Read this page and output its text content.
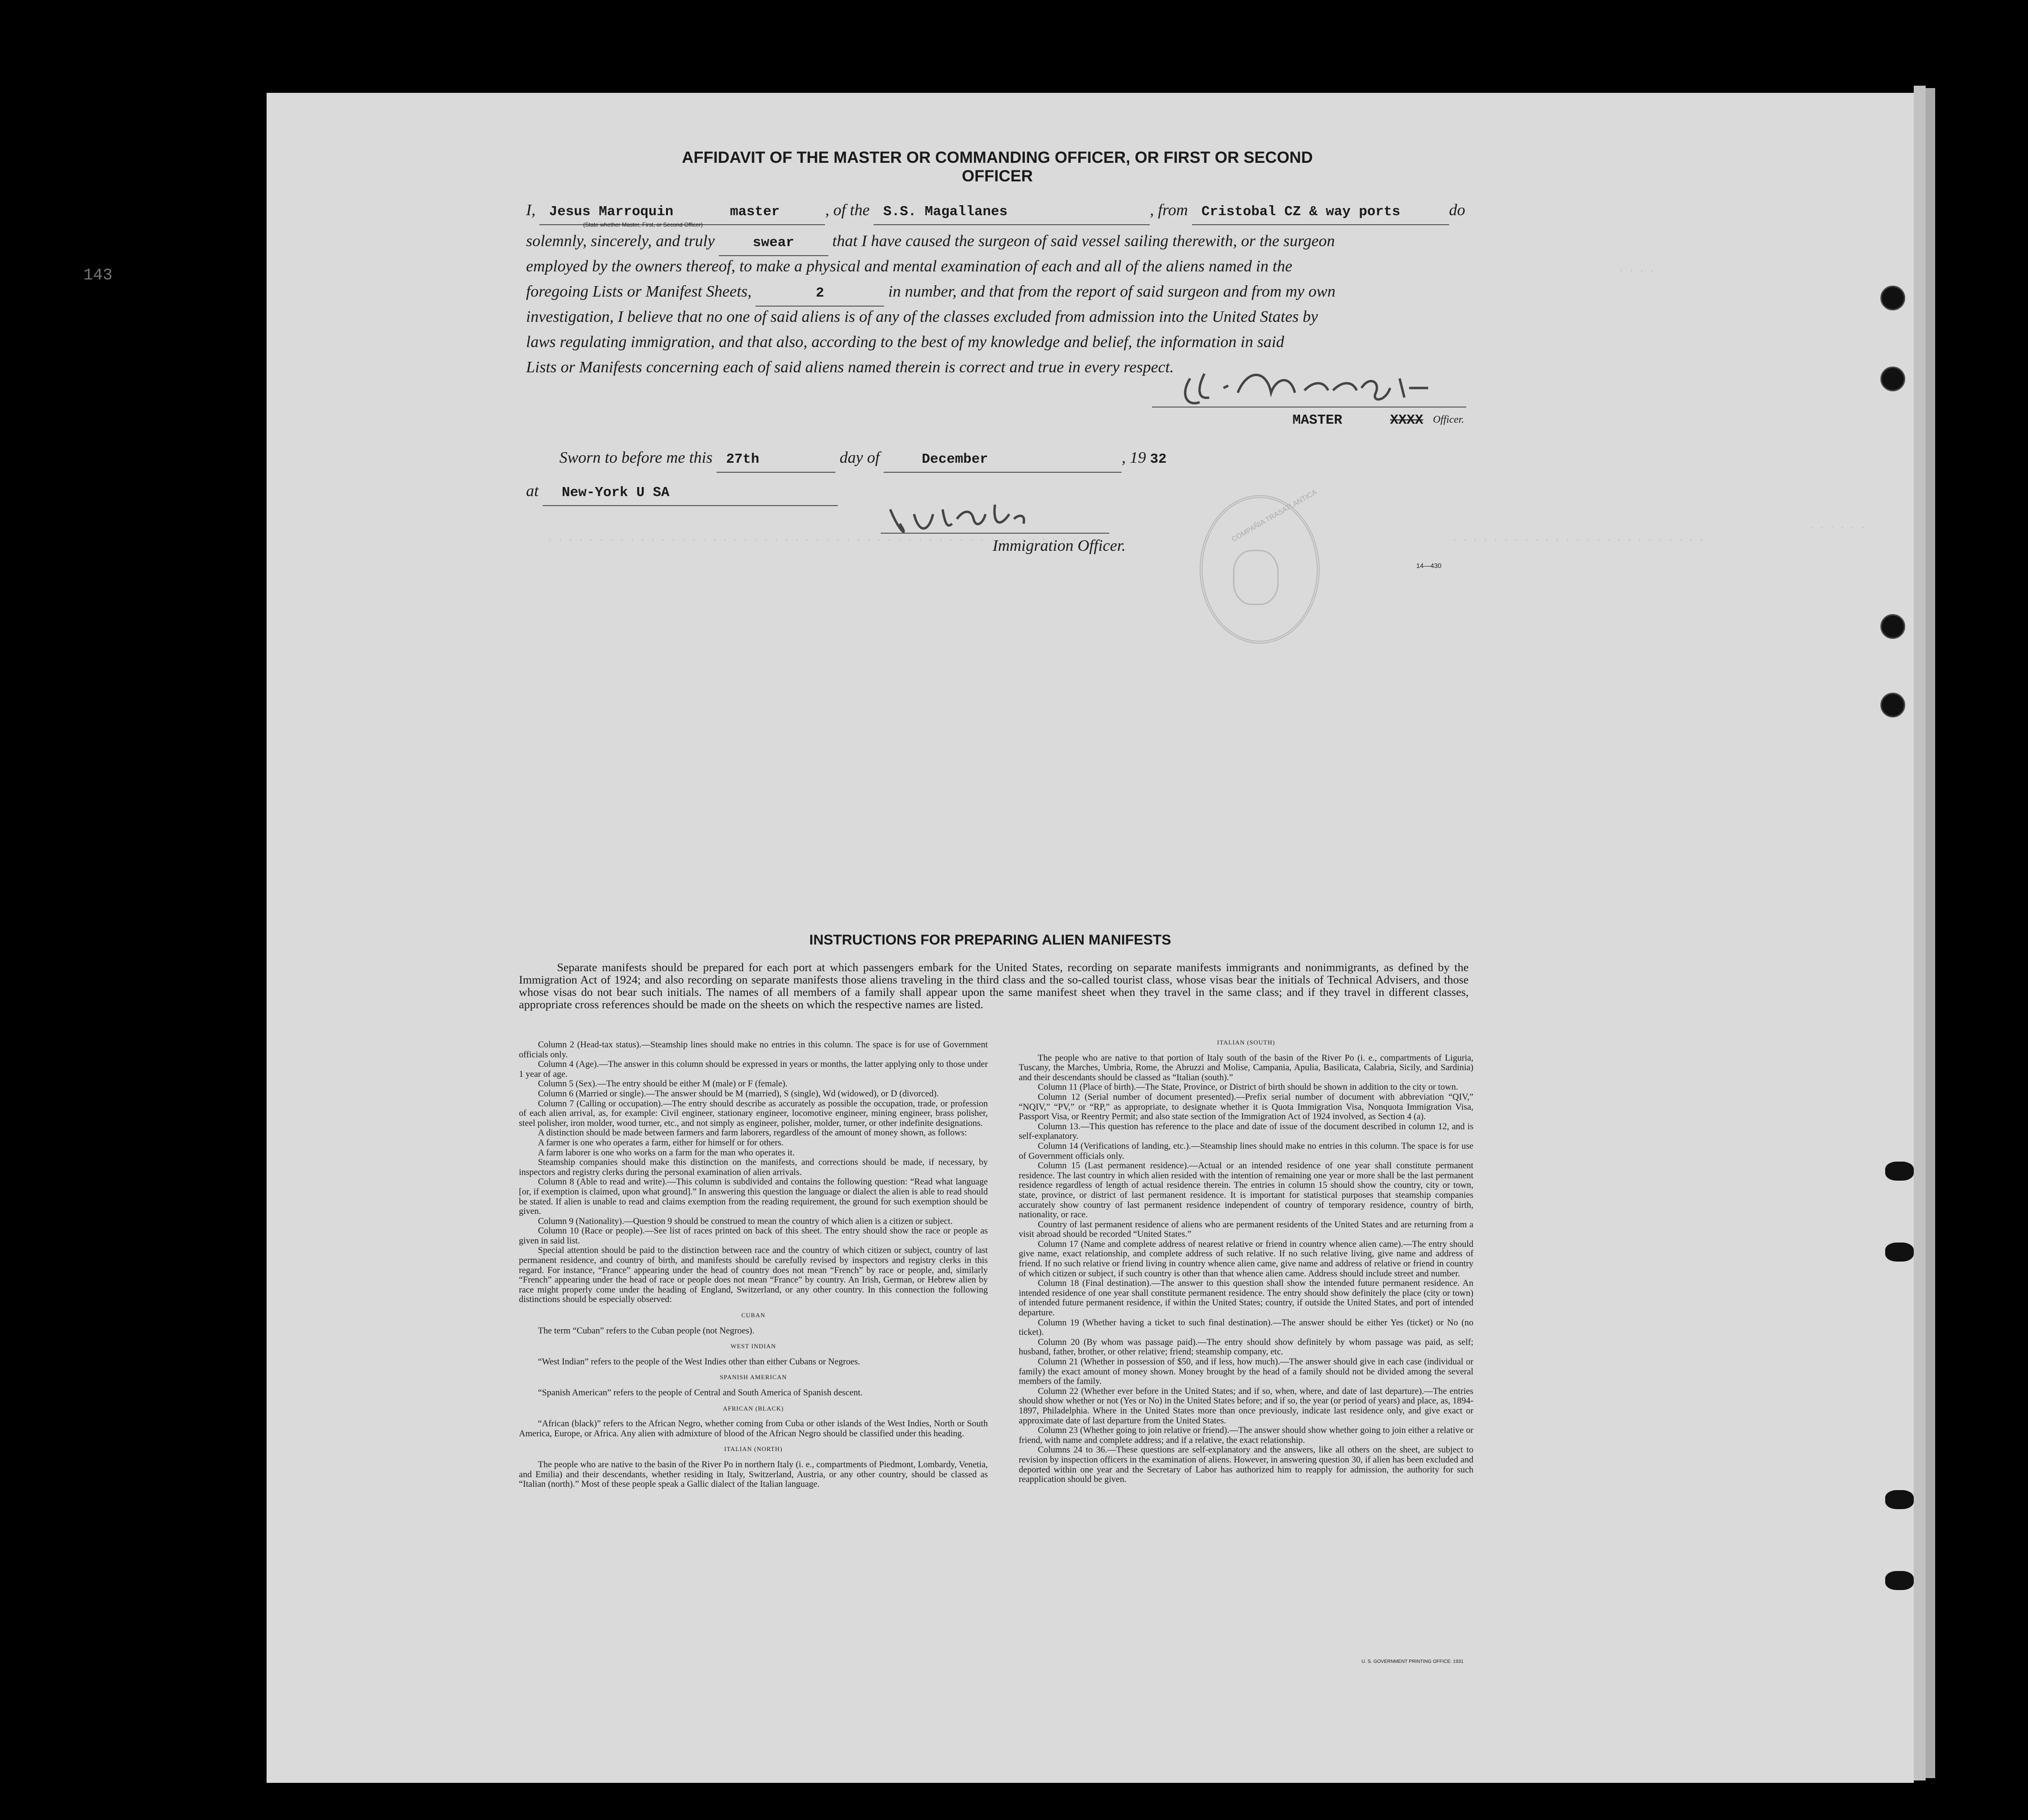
143	· · · ·
· · · · · ·
· · · · · · · · · · · · · · · · · · · · · · · · ·
· · · · · · · · · · · · · · · · · · · · · · · · · · · · · · · · · · · · · · · · · · · · · · · · · · · ·
AFFIDAVIT OF THE MASTER OR COMMANDING OFFICER, OR FIRST OR SECOND OFFICER
I, Jesus Marroquin	master	, of the S.S. Magallanes	, from Cristobal CZ & way ports	do
(State whether Master, First, or Second Officer)
solemnly, sincerely, and truly	swear that I have caused the surgeon of said vessel sailing therewith, or the surgeon
employed by the owners thereof, to make a physical and mental examination of each and all of the aliens named in the
foregoing Lists or Manifest Sheets,	2	in number, and that from the report of said surgeon and from my own
investigation, I believe that no one of said aliens is of any of the classes excluded from admission into the United States by
laws regulating immigration, and that also, according to the best of my knowledge and belief, the information in said
Lists or Manifests concerning each of said aliens named therein is correct and true in every respect.
MASTER	XXXX Officer.
Sworn to before me this 27th	day of	December	, 19 32
at New-York U SA
Immigration Officer.
14—430
COMPAÑIA TRASATLANTICA
INSTRUCTIONS FOR PREPARING ALIEN MANIFESTS
Separate manifests should be prepared for each port at which passengers embark for the United States, recording on separate manifests immigrants and nonimmigrants, as defined by the Immigration Act of 1924; and also recording on separate manifests those aliens traveling in the third class and the so-called tourist class, whose visas bear the initials of Technical Advisers, and those whose visas do not bear such initials. The names of all members of a family shall appear upon the same manifest sheet when they travel in the same class; and if they travel in different classes, appropriate cross references should be made on the sheets on which the respective names are listed.

Column 2 (Head-tax status).—Steamship lines should make no entries in this column. The space is for use of Government officials only.

Column 4 (Age).—The answer in this column should be expressed in years or months, the latter applying only to those under 1 year of age.

Column 5 (Sex).—The entry should be either M (male) or F (female).

Column 6 (Married or single).—The answer should be M (married), S (single), Wd (widowed), or D (divorced).

Column 7 (Calling or occupation).—The entry should describe as accurately as possible the occupation, trade, or profession of each alien arrival, as, for example: Civil engineer, stationary engineer, locomotive engineer, mining engineer, brass polisher, steel polisher, iron molder, wood turner, etc., and not simply as engineer, polisher, molder, turner, or other indefinite designations.

A distinction should be made between farmers and farm laborers, regardless of the amount of money shown, as follows:

A farmer is one who operates a farm, either for himself or for others.

A farm laborer is one who works on a farm for the man who operates it.

Steamship companies should make this distinction on the manifests, and corrections should be made, if necessary, by inspectors and registry clerks during the personal examination of alien arrivals.

Column 8 (Able to read and write).—This column is subdivided and contains the following question: “Read what language [or, if exemption is claimed, upon what ground].” In answering this question the language or dialect the alien is able to read should be stated. If alien is unable to read and claims exemption from the reading requirement, the ground for such exemption should be given.

Column 9 (Nationality).—Question 9 should be construed to mean the country of which alien is a citizen or subject.

Column 10 (Race or people).—See list of races printed on back of this sheet. The entry should show the race or people as given in said list.

Special attention should be paid to the distinction between race and the country of which citizen or subject, country of last permanent residence, and country of birth, and manifests should be carefully revised by inspectors and registry clerks in this regard. For instance, “France” appearing under the head of country does not mean “French” by race or people, and, similarly “French” appearing under the head of race or people does not mean “France” by country. An Irish, German, or Hebrew alien by race might properly come under the heading of England, Switzerland, or any other country. In this connection the following distinctions should be especially observed:

CUBAN

The term “Cuban” refers to the Cuban people (not Negroes).

WEST INDIAN

“West Indian” refers to the people of the West Indies other than either Cubans or Negroes.

SPANISH AMERICAN

“Spanish American” refers to the people of Central and South America of Spanish descent.

AFRICAN (BLACK)

“African (black)” refers to the African Negro, whether coming from Cuba or other islands of the West Indies, North or South America, Europe, or Africa. Any alien with admixture of blood of the African Negro should be classified under this heading.

ITALIAN (NORTH)

The people who are native to the basin of the River Po in northern Italy (i. e., compartments of Piedmont, Lombardy, Venetia, and Emilia) and their descendants, whether residing in Italy, Switzerland, Austria, or any other country, should be classed as “Italian (north).” Most of these people speak a Gallic dialect of the Italian language.

ITALIAN (SOUTH)

The people who are native to that portion of Italy south of the basin of the River Po (i. e., compartments of Liguria, Tuscany, the Marches, Umbria, Rome, the Abruzzi and Molise, Campania, Apulia, Basilicata, Calabria, Sicily, and Sardinia) and their descendants should be classed as “Italian (south).”

Column 11 (Place of birth).—The State, Province, or District of birth should be shown in addition to the city or town.

Column 12 (Serial number of document presented).—Prefix serial number of document with abbreviation “QIV,” “NQIV,” “PV,” or “RP,” as appropriate, to designate whether it is Quota Immigration Visa, Nonquota Immigration Visa, Passport Visa, or Reentry Permit; and also state section of the Immigration Act of 1924 involved, as Section 4 (a).

Column 13.—This question has reference to the place and date of issue of the document described in column 12, and is self-explanatory.

Column 14 (Verifications of landing, etc.).—Steamship lines should make no entries in this column. The space is for use of Government officials only.

Column 15 (Last permanent residence).—Actual or an intended residence of one year shall constitute permanent residence. The last country in which alien resided with the intention of remaining one year or more shall be the last permanent residence regardless of length of actual residence therein. The entries in column 15 should show the country, city or town, state, province, or district of last permanent residence. It is important for statistical purposes that steamship companies accurately show country of last permanent residence independent of country of temporary residence, country of birth, nationality, or race.

Country of last permanent residence of aliens who are permanent residents of the United States and are returning from a visit abroad should be recorded “United States.”

Column 17 (Name and complete address of nearest relative or friend in country whence alien came).—The entry should give name, exact relationship, and complete address of such relative. If no such relative living, give name and address of friend. If no such relative or friend living in country whence alien came, give name and address of relative or friend in country of which citizen or subject, if such country is other than that whence alien came. Address should include street and number.

Column 18 (Final destination).—The answer to this question shall show the intended future permanent residence. An intended residence of one year shall constitute permanent residence. The entry should show definitely the place (city or town) of intended future permanent residence, if within the United States; country, if outside the United States, and port of intended departure.

Column 19 (Whether having a ticket to such final destination).—The answer should be either Yes (ticket) or No (no ticket).

Column 20 (By whom was passage paid).—The entry should show definitely by whom passage was paid, as self; husband, father, brother, or other relative; friend; steamship company, etc.

Column 21 (Whether in possession of $50, and if less, how much).—The answer should give in each case (individual or family) the exact amount of money shown. Money brought by the head of a family should not be divided among the several members of the family.

Column 22 (Whether ever before in the United States; and if so, when, where, and date of last departure).—The entries should show whether or not (Yes or No) in the United States before; and if so, the year (or period of years) and place, as, 1894-1897, Philadelphia. Where in the United States more than once previously, indicate last residence only, and give exact or approximate date of last departure from the United States.

Column 23 (Whether going to join relative or friend).—The answer should show whether going to join either a relative or friend, with name and complete address; and if a relative, the exact relationship.

Columns 24 to 36.—These questions are self-explanatory and the answers, like all others on the sheet, are subject to revision by inspection officers in the examination of aliens. However, in answering question 30, if alien has been excluded and deported within one year and the Secretary of Labor has authorized him to reapply for admission, the authority for such reapplication should be given.

U. S. GOVERNMENT PRINTING OFFICE: 1931
